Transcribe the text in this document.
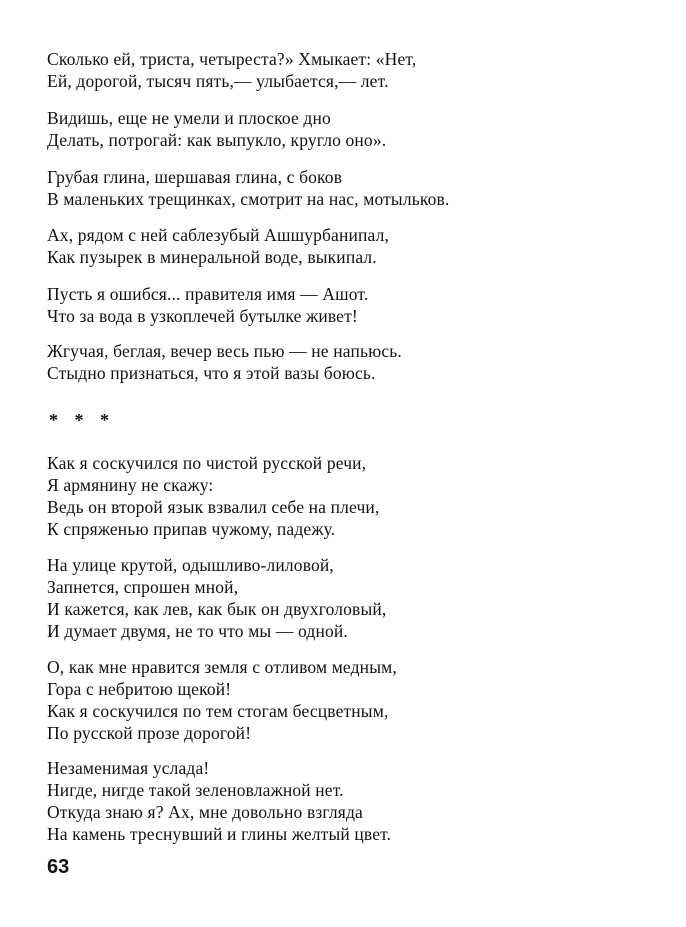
Сколько ей, триста, четыреста?» Хмыкает: «Нет,
Ей, дорогой, тысяч пять,— улыбается,— лет.
Видишь, еще не умели и плоское дно
Делать, потрогай: как выпукло, кругло оно».
Грубая глина, шершавая глина, с боков
В маленьких трещинках, смотрит на нас, мотыльков.
Ах, рядом с ней саблезубый Ашшурбанипал,
Как пузырек в минеральной воде, выкипал.
Пусть я ошибся... правителя имя — Ашот.
Что за вода в узкоплечей бутылке живет!
Жгучая, беглая, вечер весь пью — не напьюсь.
Стыдно признаться, что я этой вазы боюсь.
* * *
Как я соскучился по чистой русской речи,
Я армянину не скажу:
Ведь он второй язык взвалил себе на плечи,
К спряженью припав чужому, падежу.
На улице крутой, одышливо-лиловой,
Запнется, спрошен мной,
И кажется, как лев, как бык он двухголовый,
И думает двумя, не то что мы — одной.
О, как мне нравится земля с отливом медным,
Гора с небритою щекой!
Как я соскучился по тем стогам бесцветным,
По русской прозе дорогой!
Незаменимая услада!
Нигде, нигде такой зеленовлажной нет.
Откуда знаю я? Ах, мне довольно взгляда
На камень треснувший и глины желтый цвет.
63
